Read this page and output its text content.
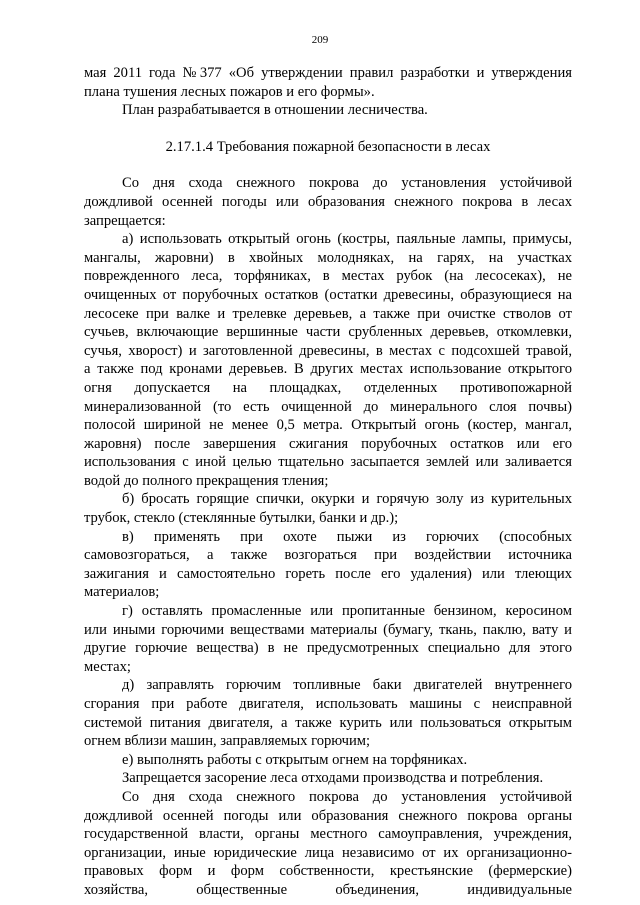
209
мая 2011 года №377 «Об утверждении правил разработки и утверждения
плана тушения лесных пожаров и его формы».
План разрабатывается в отношении лесничества.
2.17.1.4 Требования пожарной безопасности в лесах
Со дня схода снежного покрова до установления устойчивой
дождливой осенней погоды или образования снежного покрова в лесах
запрещается:
а) использовать открытый огонь (костры, паяльные лампы, примусы,
мангалы, жаровни) в хвойных молодняках, на гарях, на участках
поврежденного леса, торфяниках, в местах рубок (на лесосеках), не
очищенных от порубочных остатков (остатки древесины, образующиеся на
лесосеке при валке и трелевке деревьев, а также при очистке стволов от
сучьев, включающие вершинные части срубленных деревьев, откомлевки,
сучья, хворост) и заготовленной древесины, в местах с подсохшей травой,
а также под кронами деревьев. В других местах использование открытого
огня допускается на площадках, отделенных противопожарной
минерализованной (то есть очищенной до минерального слоя почвы)
полосой шириной не менее 0,5 метра. Открытый огонь (костер, мангал,
жаровня) после завершения сжигания порубочных остатков или его
использования с иной целью тщательно засыпается землей или заливается
водой до полного прекращения тления;
б) бросать горящие спички, окурки и горячую золу из курительных
трубок, стекло (стеклянные бутылки, банки и др.);
в) применять при охоте пыжи из горючих (способных
самовозгораться, а также возгораться при воздействии источника
зажигания и самостоятельно гореть после его удаления) или тлеющих
материалов;
г) оставлять промасленные или пропитанные бензином, керосином
или иными горючими веществами материалы (бумагу, ткань, паклю, вату и
другие горючие вещества) в не предусмотренных специально для этого
местах;
д) заправлять горючим топливные баки двигателей внутреннего
сгорания при работе двигателя, использовать машины с неисправной
системой питания двигателя, а также курить или пользоваться открытым
огнем вблизи машин, заправляемых горючим;
е) выполнять работы с открытым огнем на торфяниках.
Запрещается засорение леса отходами производства и потребления.
Со дня схода снежного покрова до установления устойчивой
дождливой осенней погоды или образования снежного покрова органы
государственной власти, органы местного самоуправления, учреждения,
организации, иные юридические лица независимо от их организационно-
правовых форм и форм собственности, крестьянские (фермерские)
хозяйства, общественные объединения, индивидуальные
